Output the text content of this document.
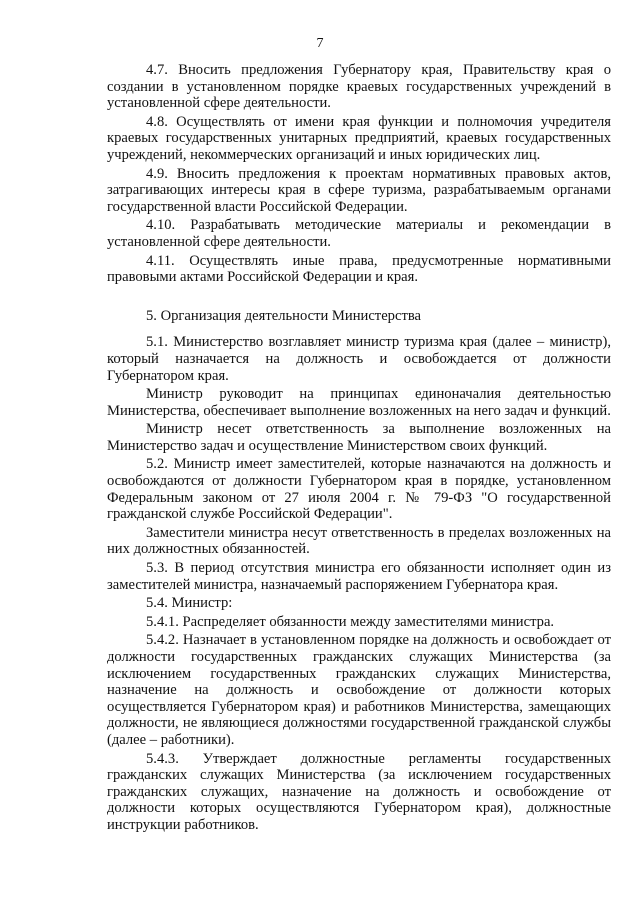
7

4.7. Вносить предложения Губернатору края, Правительству края о создании в установленном порядке краевых государственных учреждений в установленной сфере деятельности.

4.8. Осуществлять от имени края функции и полномочия учредителя краевых государственных унитарных предприятий, краевых государственных учреждений, некоммерческих организаций и иных юридических лиц.

4.9. Вносить предложения к проектам нормативных правовых актов, затрагивающих интересы края в сфере туризма, разрабатываемым органами государственной власти Российской Федерации.

4.10. Разрабатывать методические материалы и рекомендации в установленной сфере деятельности.

4.11. Осуществлять иные права, предусмотренные нормативными правовыми актами Российской Федерации и края.

5. Организация деятельности Министерства

5.1. Министерство возглавляет министр туризма края (далее – министр), который назначается на должность и освобождается от должности Губернатором края.

Министр руководит на принципах единоначалия деятельностью Министерства, обеспечивает выполнение возложенных на него задач и функций.

Министр несет ответственность за выполнение возложенных на Министерство задач и осуществление Министерством своих функций.

5.2. Министр имеет заместителей, которые назначаются на должность и освобождаются от должности Губернатором края в порядке, установленном Федеральным законом от 27 июля 2004 г. № 79-ФЗ "О государственной гражданской службе Российской Федерации".

Заместители министра несут ответственность в пределах возложенных на них должностных обязанностей.

5.3. В период отсутствия министра его обязанности исполняет один из заместителей министра, назначаемый распоряжением Губернатора края.

5.4. Министр:

5.4.1. Распределяет обязанности между заместителями министра.

5.4.2. Назначает в установленном порядке на должность и освобождает от должности государственных гражданских служащих Министерства (за исключением государственных гражданских служащих Министерства, назначение на должность и освобождение от должности которых осуществляется Губернатором края) и работников Министерства, замещающих должности, не являющиеся должностями государственной гражданской службы (далее – работники).

5.4.3. Утверждает должностные регламенты государственных гражданских служащих Министерства (за исключением государственных гражданских служащих, назначение на должность и освобождение от должности которых осуществляются Губернатором края), должностные инструкции работников.
